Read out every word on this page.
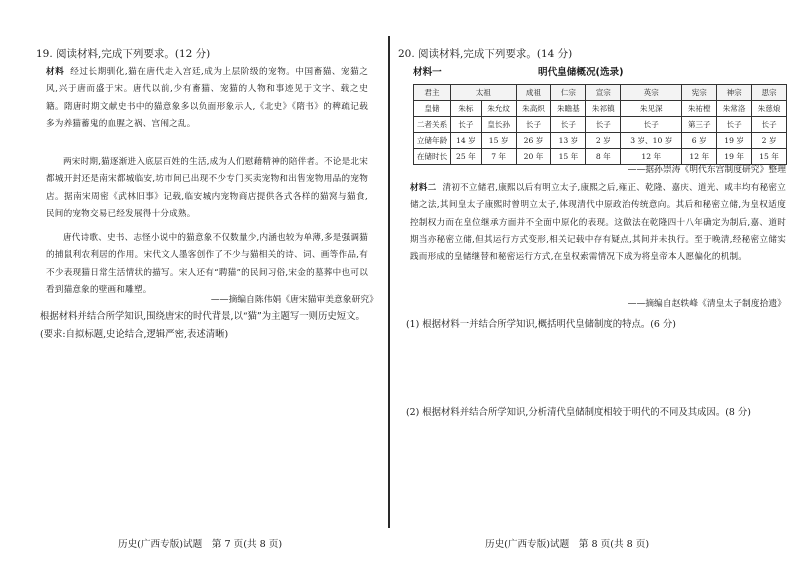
19. 阅读材料,完成下列要求。(12 分)
材料 经过长期驯化,猫在唐代走入宫廷,成为上层阶级的宠物。中国畜猫、宠猫之风,兴于唐而盛于宋。唐代以前,少有畜猫、宠猫的人物和事迹见于文字、载之史籍。隋唐时期文献史书中的猫意象多以负面形象示人,《北史》《隋书》的稗疏记载多为养猫蓄鬼的血腥之祸、宫闱之乱。
两宋时期,猫逐渐进入底层百姓的生活,成为人们慰藉精神的陪伴者。不论是北宋都城开封还是南宋都城临安,坊市间已出现不少专门买卖宠物和出售宠物用品的宠物店。据南宋周密《武林旧事》记载,临安城内宠物商店提供各式各样的猫窝与猫食,民间的宠物交易已经发展得十分成熟。
唐代诗歌、史书、志怪小说中的猫意象不仅数量少,内涵也较为单薄,多是强调猫的捕鼠利农利居的作用。宋代文人墨客创作了不少与猫相关的诗、词、画等作品,有不少表现猫日常生活情状的描写。宋人还有“聘猫”的民间习俗,宋金的墓葬中也可以看到猫意象的壁画和雕塑。
——摘编自陈伟娟《唐宋猫审美意象研究》
根据材料并结合所学知识,围绕唐宋的时代背景,以“猫”为主题写一则历史短文。(要求:自拟标题,史论结合,逻辑严密,表述清晰)
历史(广西专版)试题　第 7 页(共 8 页)
20. 阅读材料,完成下列要求。(14 分)
材料一	明代皇储概况(选录)
君主	太祖		成祖	仁宗	宣宗	英宗	宪宗	神宗	思宗
皇储	朱标	朱允炆	朱高炽	朱瞻基	朱祁镇	朱见深	朱祐樘	朱常洛	朱慈烺
二者关系	长子	皇长孙	长子	长子	长子	长子	第三子	长子	长子
立储年龄	14 岁	15 岁	26 岁	13 岁	2 岁	3 岁、10 岁	6 岁	19 岁	2 岁
在储时长	25 年	7 年	20 年	15 年	8 年	12 年	12 年	19 年	15 年
——据孙崇涛《明代东宫制度研究》整理
材料二 清初不立储君,康熙以后有明立太子,康熙之后,雍正、乾隆、嘉庆、道光、咸丰均有秘密立储之法,其间皇太子康熙时曾明立太子,体现清代中原政治传统意向。其后和秘密立储,为皇权适度控制权力而在皇位继承方面并不全面中原化的表现。这做法在乾隆四十八年确定为制后,嘉、道时期当亦秘密立储,但其运行方式变形,相关记载中存有疑点,其间并未执行。至于晚清,经秘密立储实践而形成的皇储继替和秘密运行方式,在皇权索需情况下成为将皇帝本人愿偏化的机制。
——摘编自赵轶峰《清皇太子制度拾遗》
(1) 根据材料一并结合所学知识,概括明代皇储制度的特点。(6 分)
(2) 根据材料并结合所学知识,分析清代皇储制度相较于明代的不同及其成因。(8 分)
历史(广西专版)试题　第 8 页(共 8 页)
